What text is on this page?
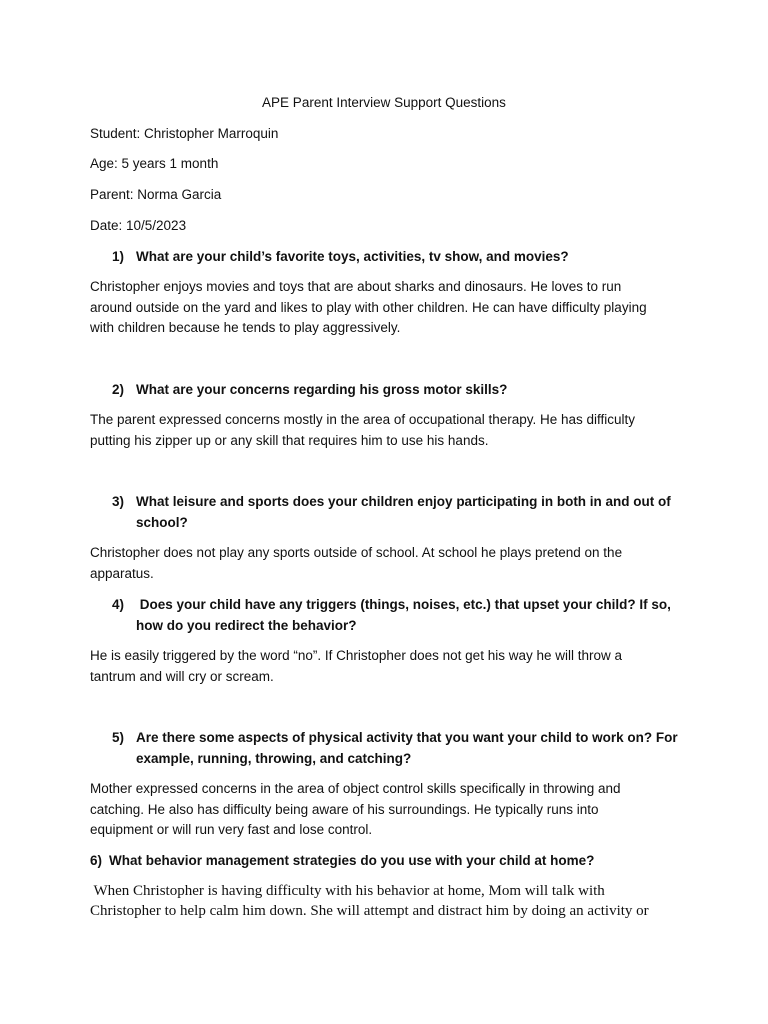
APE Parent Interview Support Questions
Student: Christopher Marroquin
Age: 5 years 1 month
Parent: Norma Garcia
Date: 10/5/2023
1) What are your child’s favorite toys, activities, tv show, and movies?
Christopher enjoys movies and toys that are about sharks and dinosaurs. He loves to run
around outside on the yard and likes to play with other children. He can have difficulty playing
with children because he tends to play aggressively.
2) What are your concerns regarding his gross motor skills?
The parent expressed concerns mostly in the area of occupational therapy. He has difficulty
putting his zipper up or any skill that requires him to use his hands.
3) What leisure and sports does your children enjoy participating in both in and out of
school?
Christopher does not play any sports outside of school. At school he plays pretend on the
apparatus.
4) Does your child have any triggers (things, noises, etc.) that upset your child? If so,
how do you redirect the behavior?
He is easily triggered by the word “no”. If Christopher does not get his way he will throw a
tantrum and will cry or scream.
5) Are there some aspects of physical activity that you want your child to work on? For
example, running, throwing, and catching?
Mother expressed concerns in the area of object control skills specifically in throwing and
catching. He also has difficulty being aware of his surroundings. He typically runs into
equipment or will run very fast and lose control.
6) What behavior management strategies do you use with your child at home?
When Christopher is having difficulty with his behavior at home, Mom will talk with
Christopher to help calm him down. She will attempt and distract him by doing an activity or
